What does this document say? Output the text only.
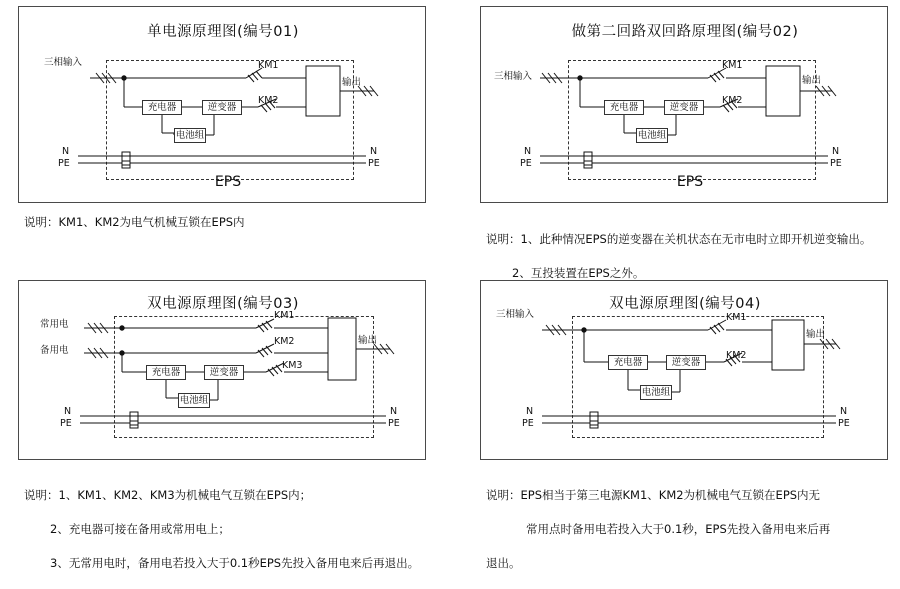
单电源原理图(编号01)
EPS
三相输入
输出
KM1
KM2
充电器	逆变器
电池组
N
PE
N
PE
说明：KM1、KM2为电气机械互锁在EPS内
做第二回路双回路原理图(编号02)
EPS
三相输入	输出
KM1
KM2
充电器	逆变器
电池组
N
PE
N
PE

说明：1、此种情况EPS的逆变器在关机状态在无市电时立即开机逆变输出。

2、互投装置在EPS之外。

双电源原理图(编号03)
常用电
备用电
输出
KM1
KM2
KM3
充电器	逆变器
电池组
N
PE
N
PE

说明：1、KM1、KM2、KM3为机械电气互锁在EPS内；

2、充电器可接在备用或常用电上；

3、无常用电时，备用电若投入大于0.1秒EPS先投入备用电来后再退出。

双电源原理图(编号04)
三相输入
输出
KM1
KM2
充电器	逆变器
电池组
N
PE
N
PE

说明：EPS相当于第三电源KM1、KM2为机械电气互锁在EPS内无

常用点时备用电若投入大于0.1秒，EPS先投入备用电来后再

退出。
